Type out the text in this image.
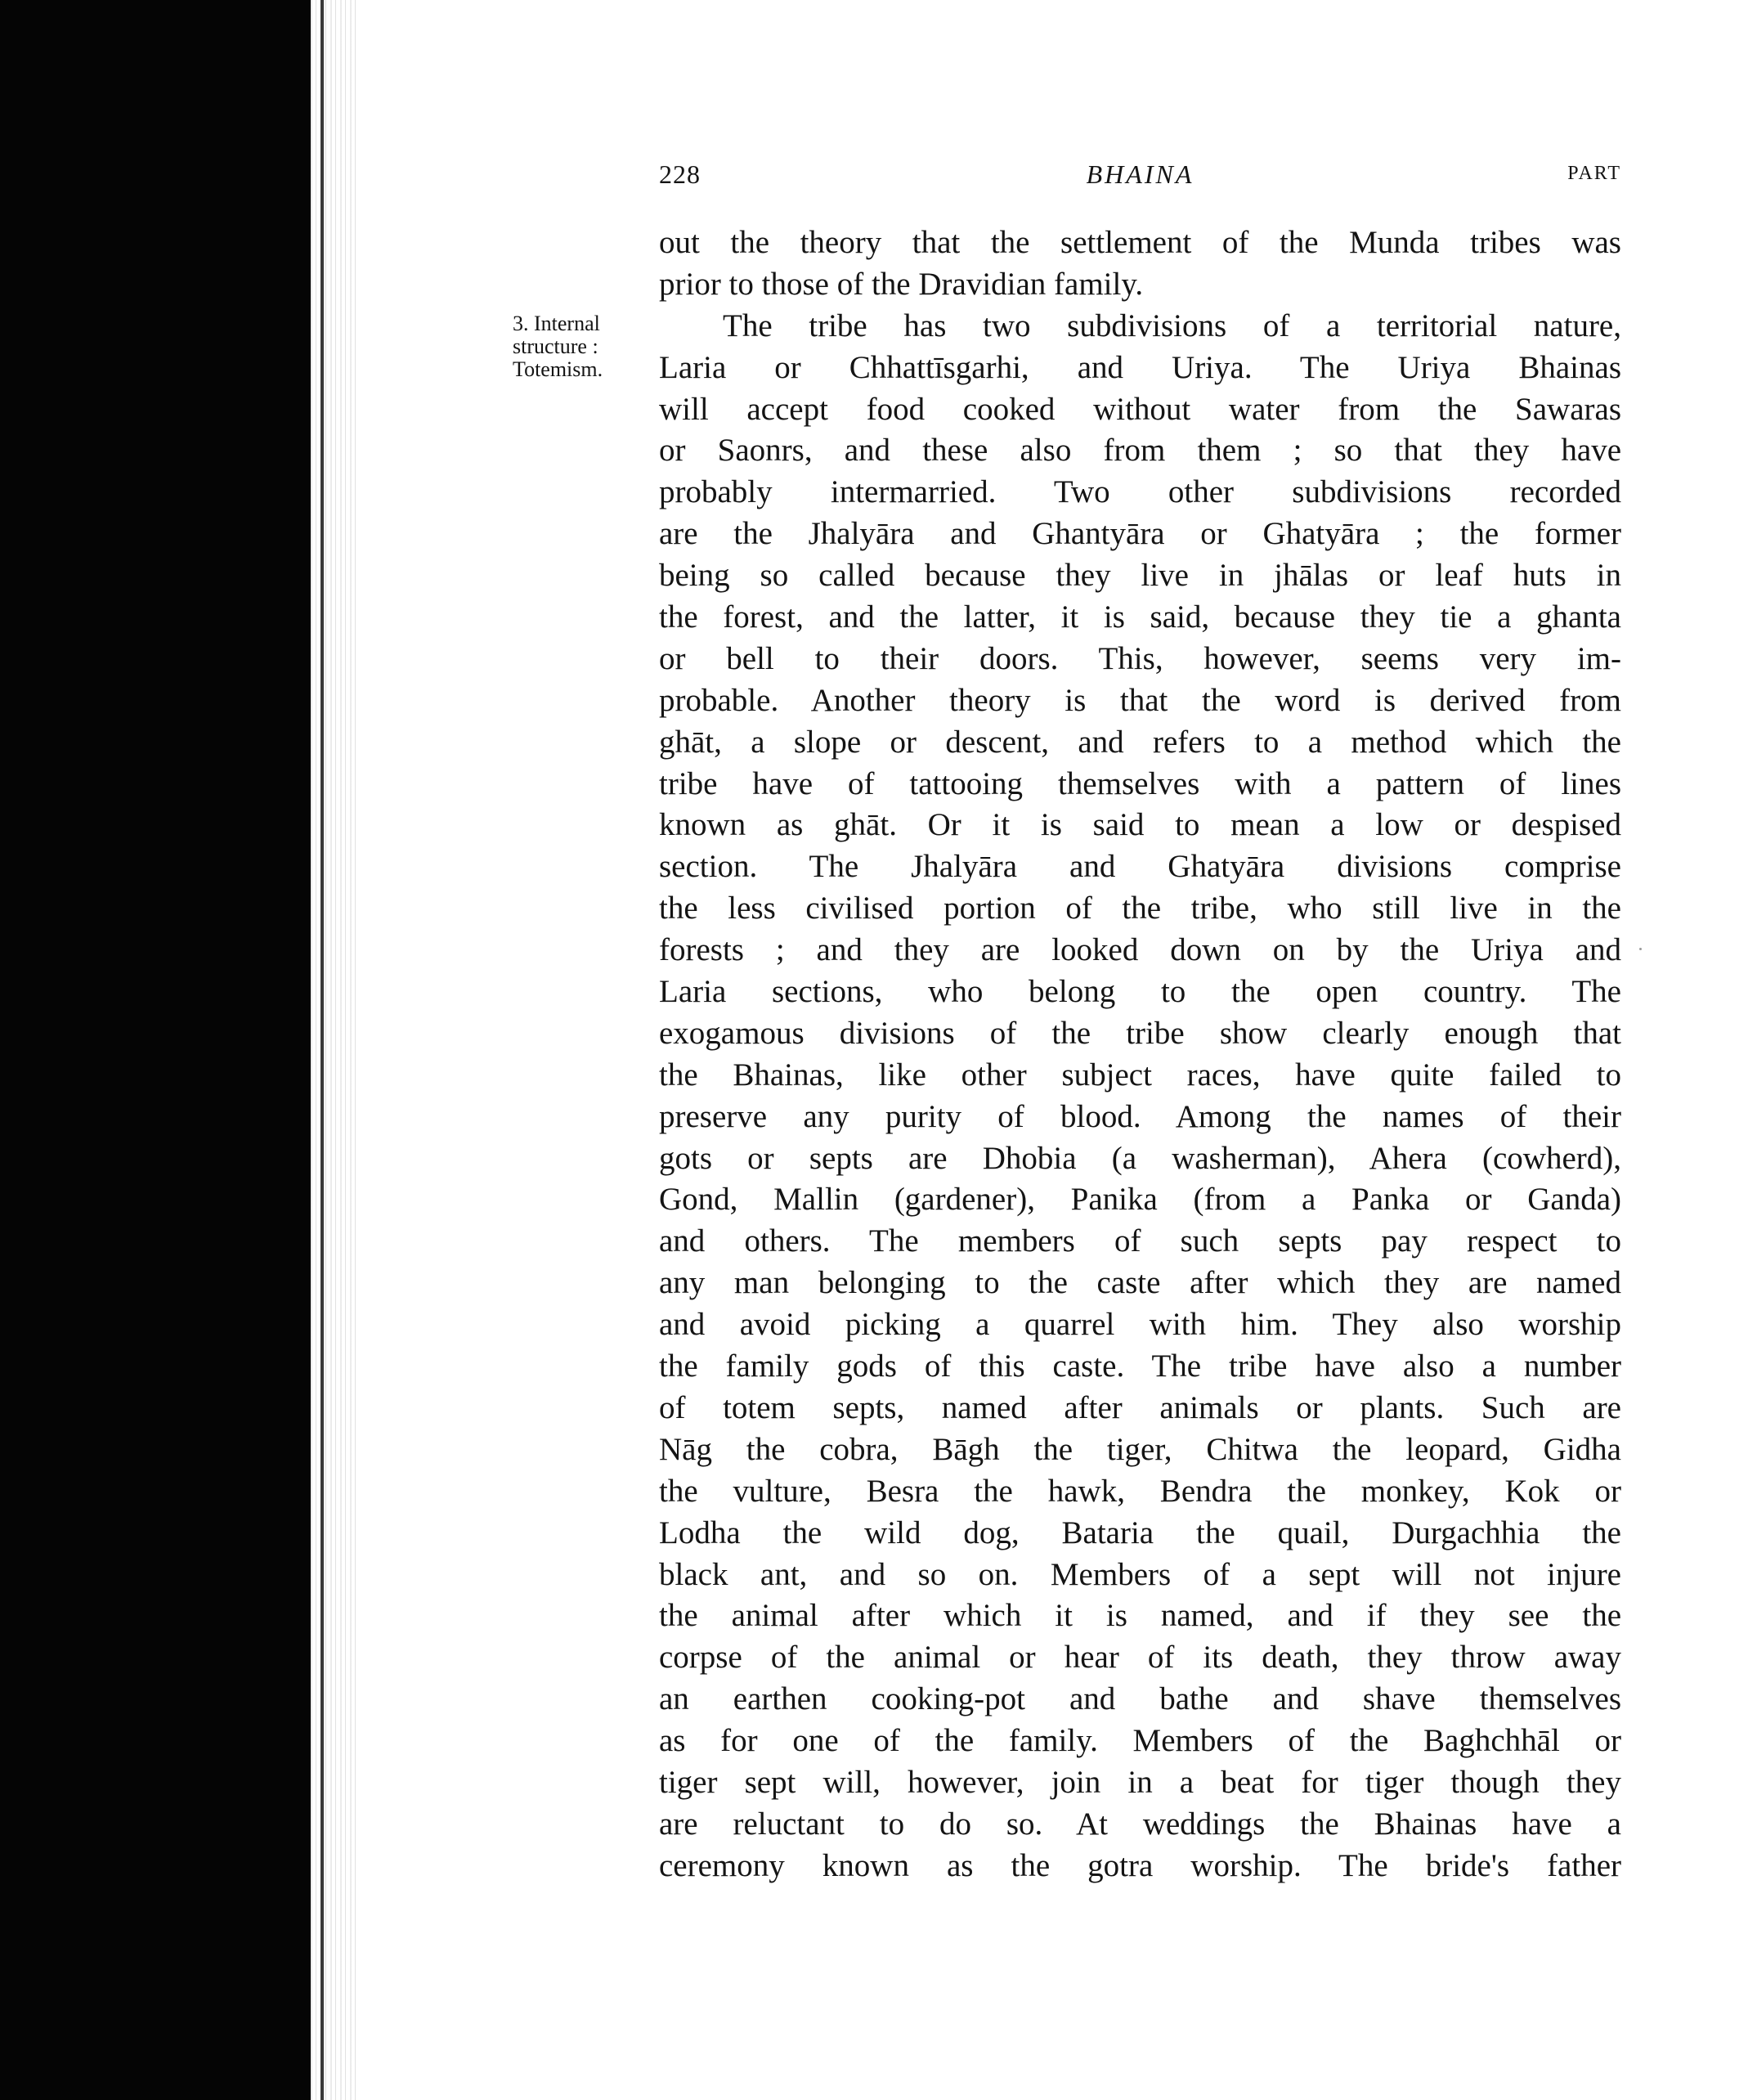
228	BHAINA	PART
3. Internal
structure :
Totemism.
out the theory that the settlement of the Munda tribes was
prior to those of the Dravidian family.
The tribe has two subdivisions of a territorial nature,
Laria or Chhattīsgarhi, and Uriya. The Uriya Bhainas
will accept food cooked without water from the Sawaras
or Saonrs, and these also from them ; so that they have
probably intermarried. Two other subdivisions recorded
are the Jhalyāra and Ghantyāra or Ghatyāra ; the former
being so called because they live in jhālas or leaf huts in
the forest, and the latter, it is said, because they tie a ghanta
or bell to their doors. This, however, seems very im-
probable. Another theory is that the word is derived from
ghāt, a slope or descent, and refers to a method which the
tribe have of tattooing themselves with a pattern of lines
known as ghāt. Or it is said to mean a low or despised
section. The Jhalyāra and Ghatyāra divisions comprise
the less civilised portion of the tribe, who still live in the
forests ; and they are looked down on by the Uriya and
Laria sections, who belong to the open country. The
exogamous divisions of the tribe show clearly enough that
the Bhainas, like other subject races, have quite failed to
preserve any purity of blood. Among the names of their
gots or septs are Dhobia (a washerman), Ahera (cowherd),
Gond, Mallin (gardener), Panika (from a Panka or Ganda)
and others. The members of such septs pay respect to
any man belonging to the caste after which they are named
and avoid picking a quarrel with him. They also worship
the family gods of this caste. The tribe have also a number
of totem septs, named after animals or plants. Such are
Nāg the cobra, Bāgh the tiger, Chitwa the leopard, Gidha
the vulture, Besra the hawk, Bendra the monkey, Kok or
Lodha the wild dog, Bataria the quail, Durgachhia the
black ant, and so on. Members of a sept will not injure
the animal after which it is named, and if they see the
corpse of the animal or hear of its death, they throw away
an earthen cooking-pot and bathe and shave themselves
as for one of the family. Members of the Baghchhāl or
tiger sept will, however, join in a beat for tiger though they
are reluctant to do so. At weddings the Bhainas have a
ceremony known as the gotra worship. The bride's father
